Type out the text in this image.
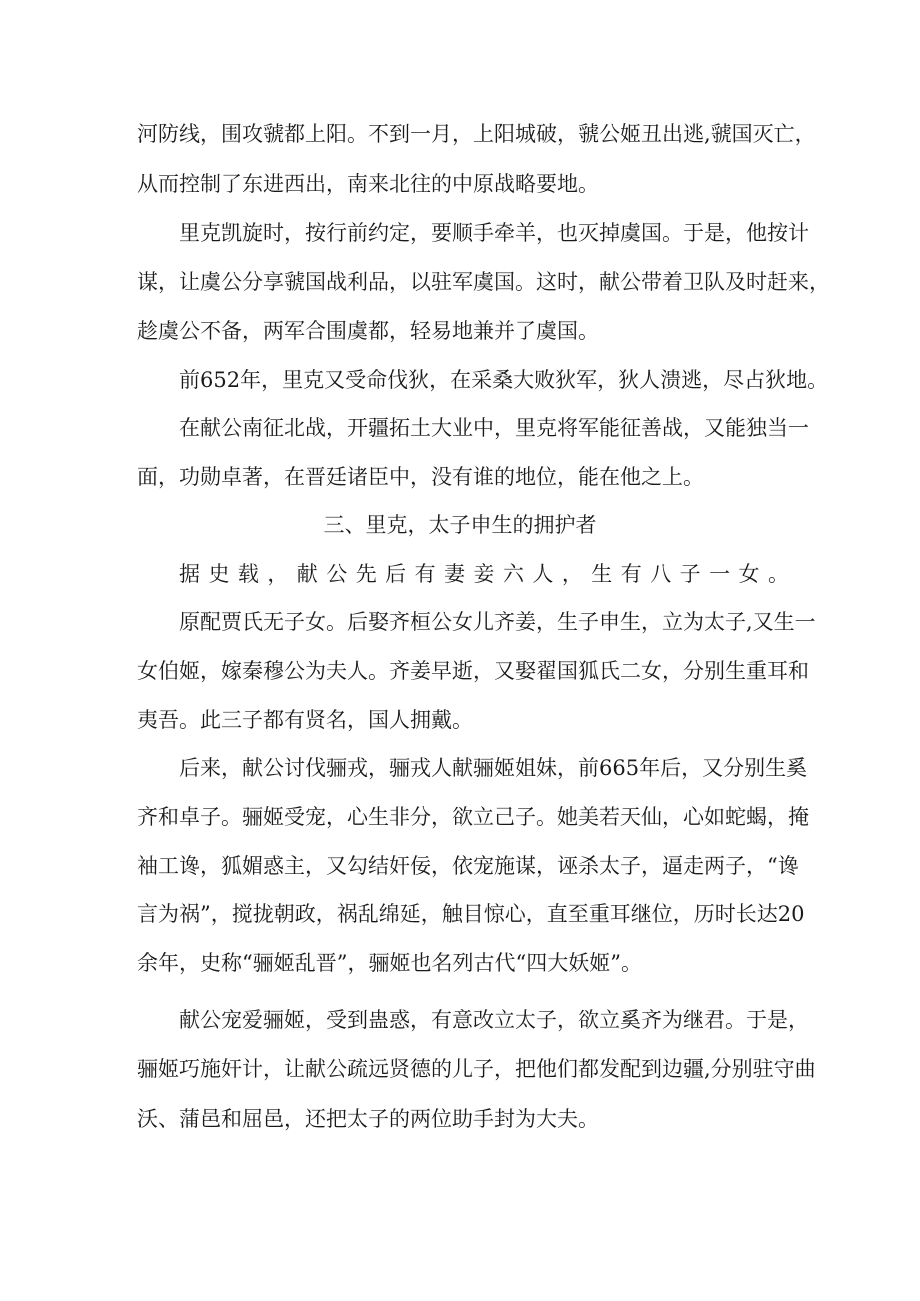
河防线，围攻虢都上阳。不到一月，上阳城破，虢公姬丑出逃,虢国灭亡，
从而控制了东进西出，南来北往的中原战略要地。
里克凯旋时，按行前约定，要顺手牵羊，也灭掉虞国。于是，他按计
谋，让虞公分享虢国战利品，以驻军虞国。这时，献公带着卫队及时赶来，
趁虞公不备，两军合围虞都，轻易地兼并了虞国。
前652年，里克又受命伐狄，在采桑大败狄军，狄人溃逃，尽占狄地。
在献公南征北战，开疆拓土大业中，里克将军能征善战，又能独当一
面，功勋卓著，在晋廷诸臣中，没有谁的地位，能在他之上。
三、里克，太子申生的拥护者
据史载，献公先后有妻妾六人，生有八子一女。
原配贾氏无子女。后娶齐桓公女儿齐姜，生子申生，立为太子,又生一
女伯姬，嫁秦穆公为夫人。齐姜早逝，又娶翟国狐氏二女，分别生重耳和
夷吾。此三子都有贤名，国人拥戴。
后来，献公讨伐骊戎，骊戎人献骊姬姐妹，前665年后，又分别生奚
齐和卓子。骊姬受宠，心生非分，欲立己子。她美若天仙，心如蛇蝎，掩
袖工谗，狐媚惑主，又勾结奸佞，依宠施谋，诬杀太子，逼走两子，“谗
言为祸”，搅拢朝政，祸乱绵延，触目惊心，直至重耳继位，历时长达20
余年，史称“骊姬乱晋”，骊姬也名列古代“四大妖姬”。
献公宠爱骊姬，受到蛊惑，有意改立太子，欲立奚齐为继君。于是，
骊姬巧施奸计，让献公疏远贤德的儿子，把他们都发配到边疆,分别驻守曲
沃、蒲邑和屈邑，还把太子的两位助手封为大夫。
